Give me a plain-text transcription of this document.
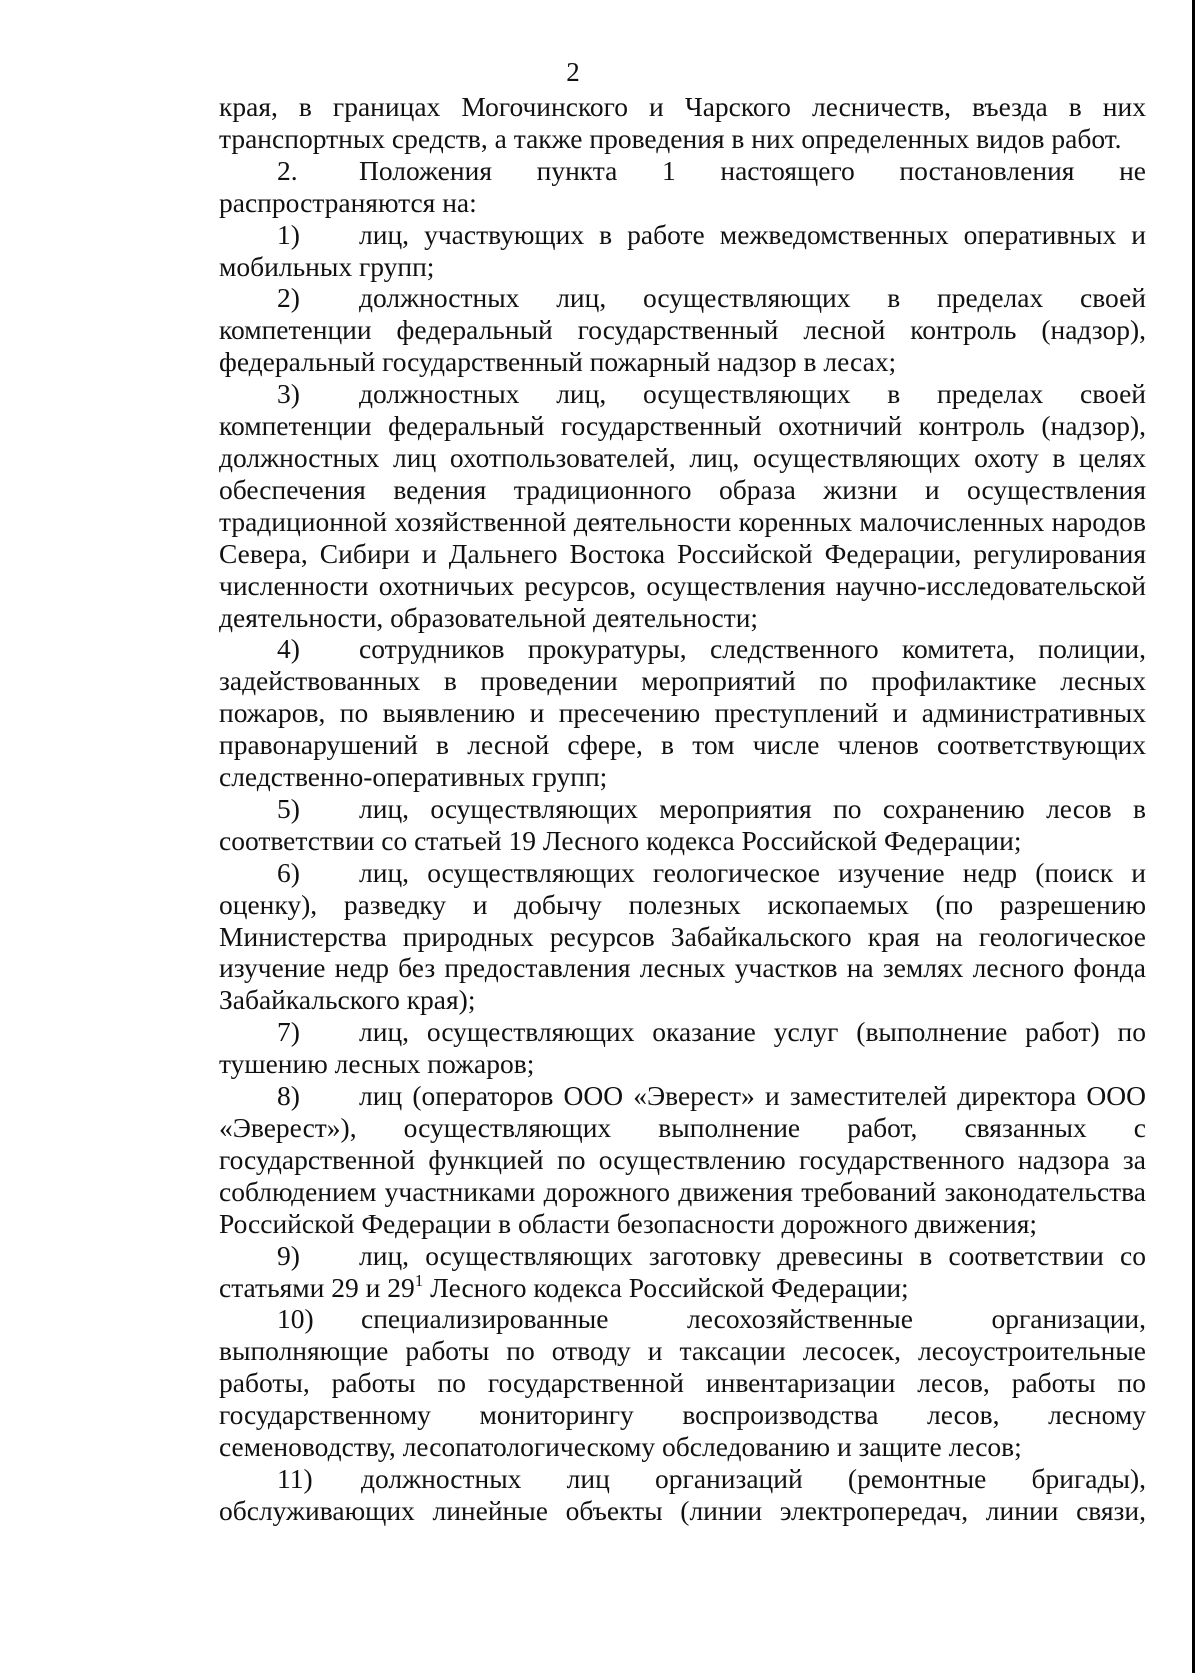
2

края, в границах Могочинского и Чарского лесничеств, въезда в них транспортных средств, а также проведения в них определенных видов работ.

2. Положения пункта 1 настоящего постановления не распространяются на:

1) лиц, участвующих в работе межведомственных оперативных и мобильных групп;

2) должностных лиц, осуществляющих в пределах своей компетенции федеральный государственный лесной контроль (надзор), федеральный государственный пожарный надзор в лесах;

3) должностных лиц, осуществляющих в пределах своей компетенции федеральный государственный охотничий контроль (надзор), должностных лиц охотпользователей, лиц, осуществляющих охоту в целях обеспечения ведения традиционного образа жизни и осуществления традиционной хозяйственной деятельности коренных малочисленных народов Севера, Сибири и Дальнего Востока Российской Федерации, регулирования численности охотничьих ресурсов, осуществления научно-исследовательской деятельности, образовательной деятельности;

4) сотрудников прокуратуры, следственного комитета, полиции, задействованных в проведении мероприятий по профилактике лесных пожаров, по выявлению и пресечению преступлений и административных правонарушений в лесной сфере, в том числе членов соответствующих следственно-оперативных групп;

5) лиц, осуществляющих мероприятия по сохранению лесов в соответствии со статьей 19 Лесного кодекса Российской Федерации;

6) лиц, осуществляющих геологическое изучение недр (поиск и оценку), разведку и добычу полезных ископаемых (по разрешению Министерства природных ресурсов Забайкальского края на геологическое изучение недр без предоставления лесных участков на землях лесного фонда Забайкальского края);

7) лиц, осуществляющих оказание услуг (выполнение работ) по тушению лесных пожаров;

8) лиц (операторов ООО «Эверест» и заместителей директора ООО «Эверест»), осуществляющих выполнение работ, связанных с государственной функцией по осуществлению государственного надзора за соблюдением участниками дорожного движения требований законодательства Российской Федерации в области безопасности дорожного движения;

9) лиц, осуществляющих заготовку древесины в соответствии со статьями 29 и $29^1$ Лесного кодекса Российской Федерации;

10) специализированные лесохозяйственные организации, выполняющие работы по отводу и таксации лесосек, лесоустроительные работы, работы по государственной инвентаризации лесов, работы по государственному мониторингу воспроизводства лесов, лесному семеноводству, лесопатологическому обследованию и защите лесов;

11) должностных лиц организаций (ремонтные бригады), обслуживающих линейные объекты (линии электропередач, линии связи,
